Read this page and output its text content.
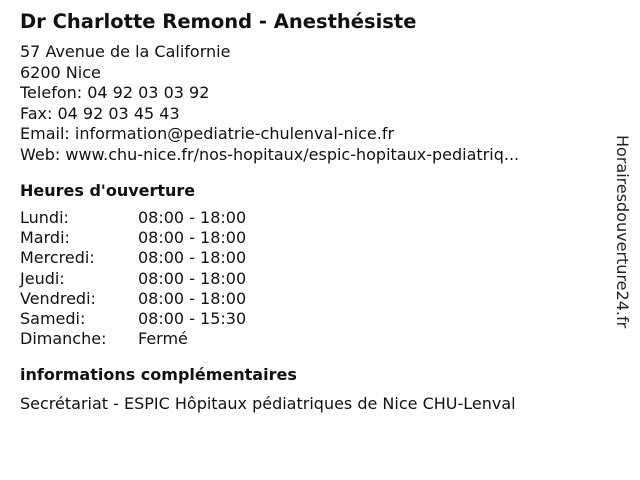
Dr Charlotte Remond - Anesthésiste
57 Avenue de la Californie
6200 Nice
Telefon: 04 92 03 03 92
Fax: 04 92 03 45 43
Email: information@pediatrie-chulenval-nice.fr
Web: www.chu-nice.fr/nos-hopitaux/espic-hopitaux-pediatriq...
Heures d'ouverture
Lundi:	08:00 - 18:00
Mardi:	08:00 - 18:00
Mercredi:	08:00 - 18:00
Jeudi:	08:00 - 18:00
Vendredi:	08:00 - 18:00
Samedi:	08:00 - 15:30
Dimanche:	Fermé
informations complémentaires
Secrétariat - ESPIC Hôpitaux pédiatriques de Nice CHU-Lenval
Horairesdouverture24.fr
